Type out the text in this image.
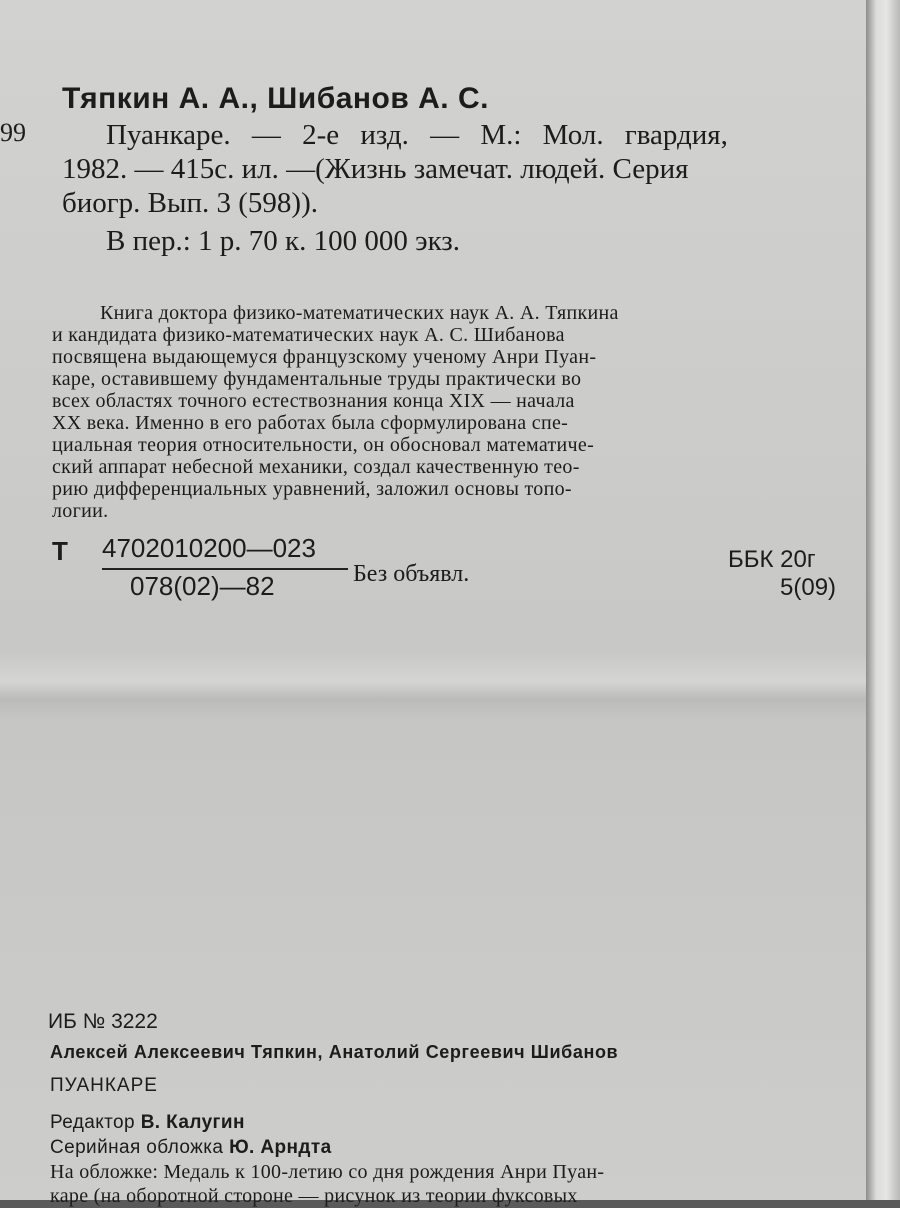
99
Тяпкин А. А., Шибанов А. С.
Пуанкаре. — 2-е изд. — М.: Мол. гвардия,
1982. — 415с. ил. —(Жизнь замечат. людей. Серия
биогр. Вып. 3 (598)).
В пер.: 1 р. 70 к. 100 000 экз.
Книга доктора физико-математических наук А. А. Тяпкина
и кандидата физико-математических наук А. С. Шибанова
посвящена выдающемуся французскому ученому Анри Пуан-
каре, оставившему фундаментальные труды практически во
всех областях точного естествознания конца XIX — начала
XX века. Именно в его работах была сформулирована спе-
циальная теория относительности, он обосновал математиче-
ский аппарат небесной механики, создал качественную тео-
рию дифференциальных уравнений, заложил основы топо-
логии.
Т 4702010200—023
078(02)—82	Без объявл.
ББК 20г
5(09)
ИБ № 3222
Алексей Алексеевич Тяпкин, Анатолий Сергеевич Шибанов
ПУАНКАРЕ
Редактор В. Калугин
Серийная обложка Ю. Арндта
На обложке: Медаль к 100-летию со дня рождения Анри Пуан-
каре (на оборотной стороне — рисунок из теории фуксовых
